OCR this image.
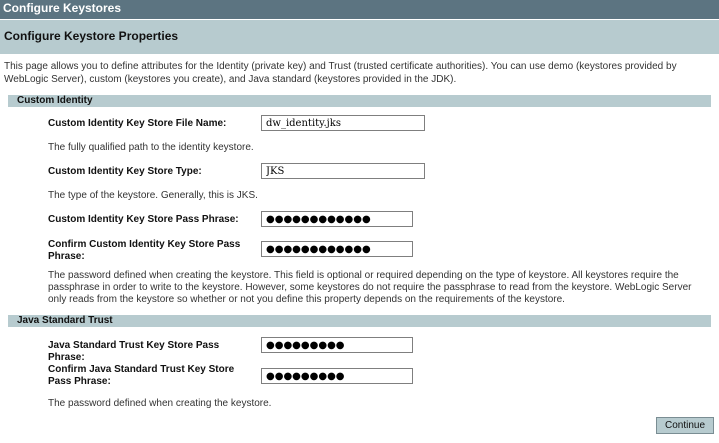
Configure Keystores
Configure Keystore Properties
This page allows you to define attributes for the Identity (private key) and Trust (trusted certificate authorities). You can use demo (keystores provided by WebLogic Server), custom (keystores you create), and Java standard (keystores provided in the JDK).
Custom Identity
Custom Identity Key Store File Name:
dw_identity.jks
The fully qualified path to the identity keystore.
Custom Identity Key Store Type:
JKS
The type of the keystore. Generally, this is JKS.
Custom Identity Key Store Pass Phrase:
●●●●●●●●●●●●
Confirm Custom Identity Key Store Pass Phrase:
●●●●●●●●●●●●
The password defined when creating the keystore. This field is optional or required depending on the type of keystore. All keystores require the passphrase in order to write to the keystore. However, some keystores do not require the passphrase to read from the keystore. WebLogic Server only reads from the keystore so whether or not you define this property depends on the requirements of the keystore.
Java Standard Trust
Java Standard Trust Key Store Pass Phrase:
●●●●●●●●●
Confirm Java Standard Trust Key Store Pass Phrase:
●●●●●●●●●
The password defined when creating the keystore.
Continue
